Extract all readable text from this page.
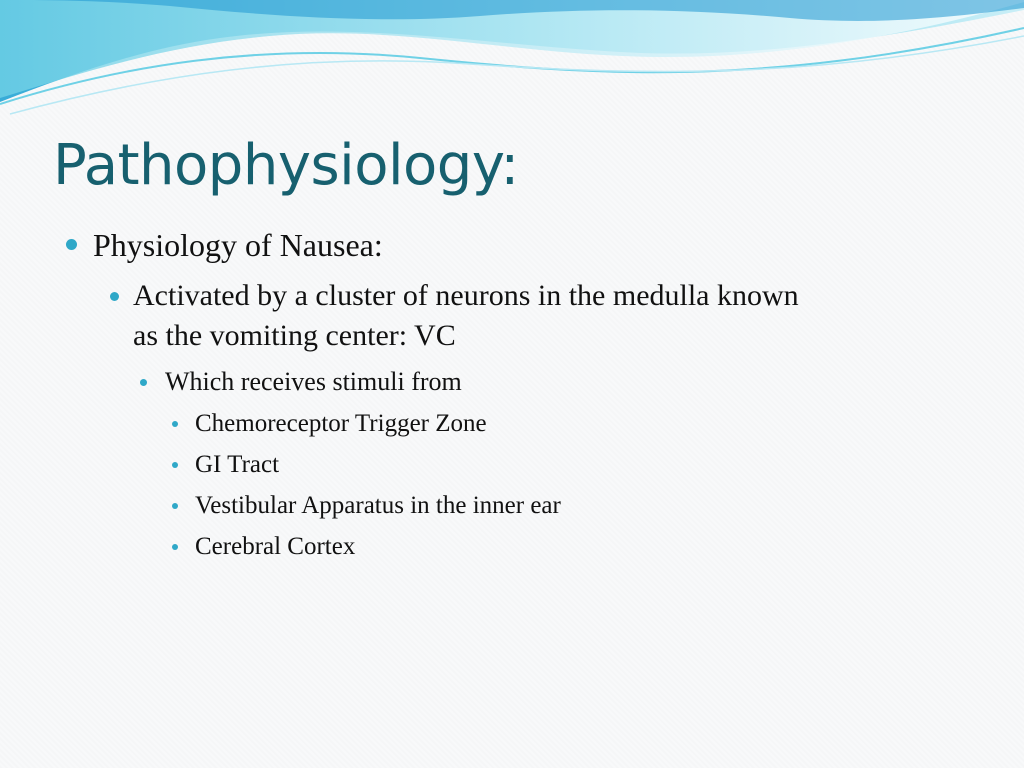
Pathophysiology:
Physiology of Nausea:
Activated by a cluster of neurons in the medulla known
as the vomiting center: VC
Which receives stimuli from
Chemoreceptor Trigger Zone
GI Tract
Vestibular Apparatus in the inner ear
Cerebral Cortex
